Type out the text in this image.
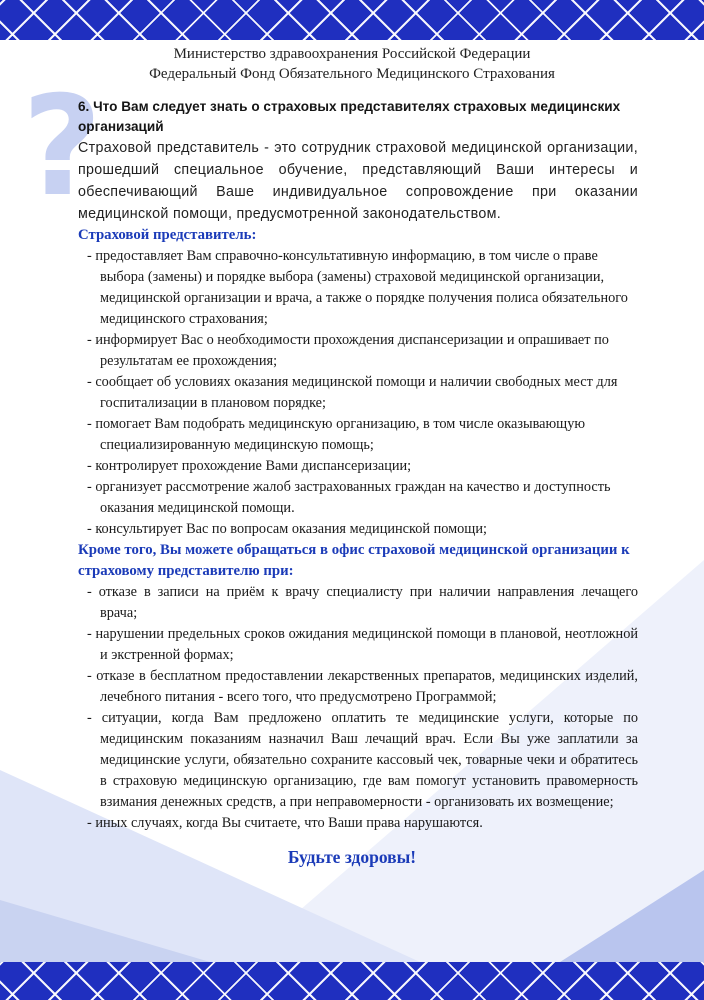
?
Министерство здравоохранения Российской Федерации
Федеральный Фонд Обязательного Медицинского Страхования
6. Что Вам следует знать о страховых представителях страховых медицинских организаций
Страховой представитель - это сотрудник страховой медицинской организации, прошедший специальное обучение, представляющий Ваши интересы и обеспечивающий Ваше индивидуальное сопровождение при оказании медицинской помощи, предусмотренной законодательством.
Страховой представитель:
- предоставляет Вам справочно-консультативную информацию, в том числе о праве выбора (замены) и порядке выбора (замены) страховой медицинской организации, медицинской организации и врача, а также о порядке получения полиса обязательного медицинского страхования;
- информирует Вас о необходимости прохождения диспансеризации и опрашивает по результатам ее прохождения;
- сообщает об условиях оказания медицинской помощи и наличии свободных мест для госпитализации в плановом порядке;
- помогает Вам подобрать медицинскую организацию, в том числе оказывающую специализированную медицинскую помощь;
- контролирует прохождение Вами диспансеризации;
- организует рассмотрение жалоб застрахованных граждан на качество и доступность оказания медицинской помощи.
- консультирует Вас по вопросам оказания медицинской помощи;
Кроме того, Вы можете обращаться в офис страховой медицинской организации к страховому представителю при:
- отказе в записи на приём к врачу специалисту при наличии направления лечащего врача;
- нарушении предельных сроков ожидания медицинской помощи в плановой, неотложной и экстренной формах;
- отказе в бесплатном предоставлении лекарственных препаратов, медицинских изделий, лечебного питания - всего того, что предусмотрено Программой;
- ситуации, когда Вам предложено оплатить те медицинские услуги, которые по медицинским показаниям назначил Ваш лечащий врач. Если Вы уже заплатили за медицинские услуги, обязательно сохраните кассовый чек, товарные чеки и обратитесь в страховую медицинскую организацию, где вам помогут установить правомерность взимания денежных средств, а при неправомерности - организовать их возмещение;
- иных случаях, когда Вы считаете, что Ваши права нарушаются.
Будьте здоровы!
